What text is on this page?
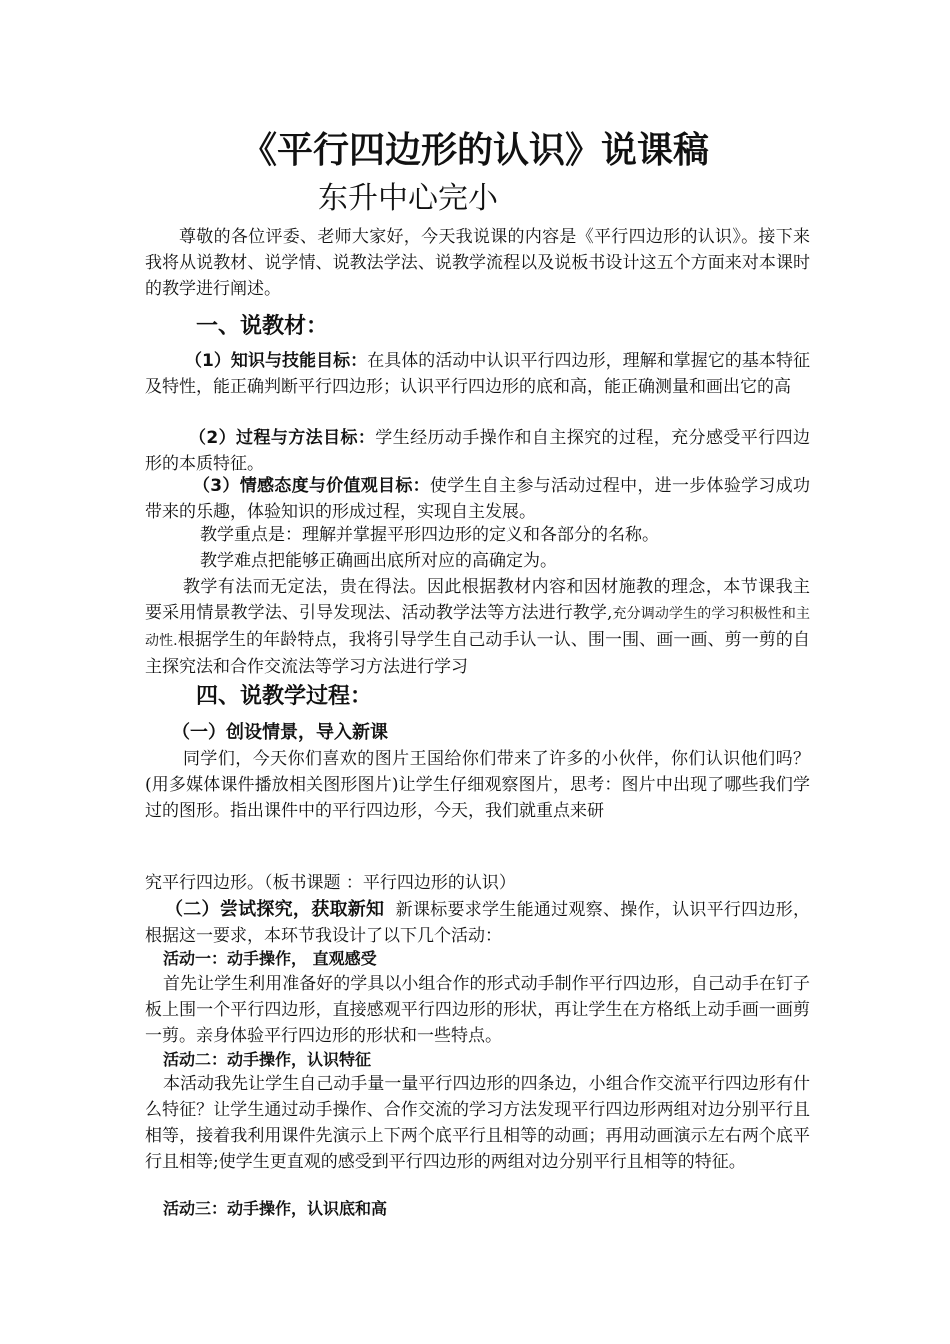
《平行四边形的认识》说课稿
东升中心完小
尊敬的各位评委、老师大家好，今天我说课的内容是《平行四边形的认识》。接下来我将从说教材、说学情、说教法学法、说教学流程以及说板书设计这五个方面来对本课时的教学进行阐述。
一、说教材：
（1）知识与技能目标：在具体的活动中认识平行四边形，理解和掌握它的基本特征及特性，能正确判断平行四边形；认识平行四边形的底和高，能正确测量和画出它的高
（2）过程与方法目标：学生经历动手操作和自主探究的过程，充分感受平行四边形的本质特征。
（3）情感态度与价值观目标：使学生自主参与活动过程中，进一步体验学习成功带来的乐趣，体验知识的形成过程，实现自主发展。
教学重点是：理解并掌握平形四边形的定义和各部分的名称。
教学难点把能够正确画出底所对应的高确定为。
教学有法而无定法，贵在得法。因此根据教材内容和因材施教的理念，本节课我主要采用情景教学法、引导发现法、活动教学法等方法进行教学,充分调动学生的学习积极性和主动性.根据学生的年龄特点，我将引导学生自己动手认一认、围一围、画一画、剪一剪的自主探究法和合作交流法等学习方法进行学习
四、说教学过程：
（一）创设情景，导入新课
同学们，今天你们喜欢的图片王国给你们带来了许多的小伙伴，你们认识他们吗？(用多媒体课件播放相关图形图片)让学生仔细观察图片，思考：图片中出现了哪些我们学过的图形。指出课件中的平行四边形，今天，我们就重点来研
究平行四边形。（板书课题 ：平行四边形的认识）
（二）尝试探究，获取新知 新课标要求学生能通过观察、操作，认识平行四边形，根据这一要求，本环节我设计了以下几个活动：
活动一：动手操作， 直观感受
首先让学生利用准备好的学具以小组合作的形式动手制作平行四边形，自己动手在钉子板上围一个平行四边形，直接感观平行四边形的形状，再让学生在方格纸上动手画一画剪一剪。亲身体验平行四边形的形状和一些特点。
活动二：动手操作，认识特征
本活动我先让学生自己动手量一量平行四边形的四条边，小组合作交流平行四边形有什么特征？让学生通过动手操作、合作交流的学习方法发现平行四边形两组对边分别平行且相等，接着我利用课件先演示上下两个底平行且相等的动画；再用动画演示左右两个底平行且相等;使学生更直观的感受到平行四边形的两组对边分别平行且相等的特征。
活动三：动手操作，认识底和高
